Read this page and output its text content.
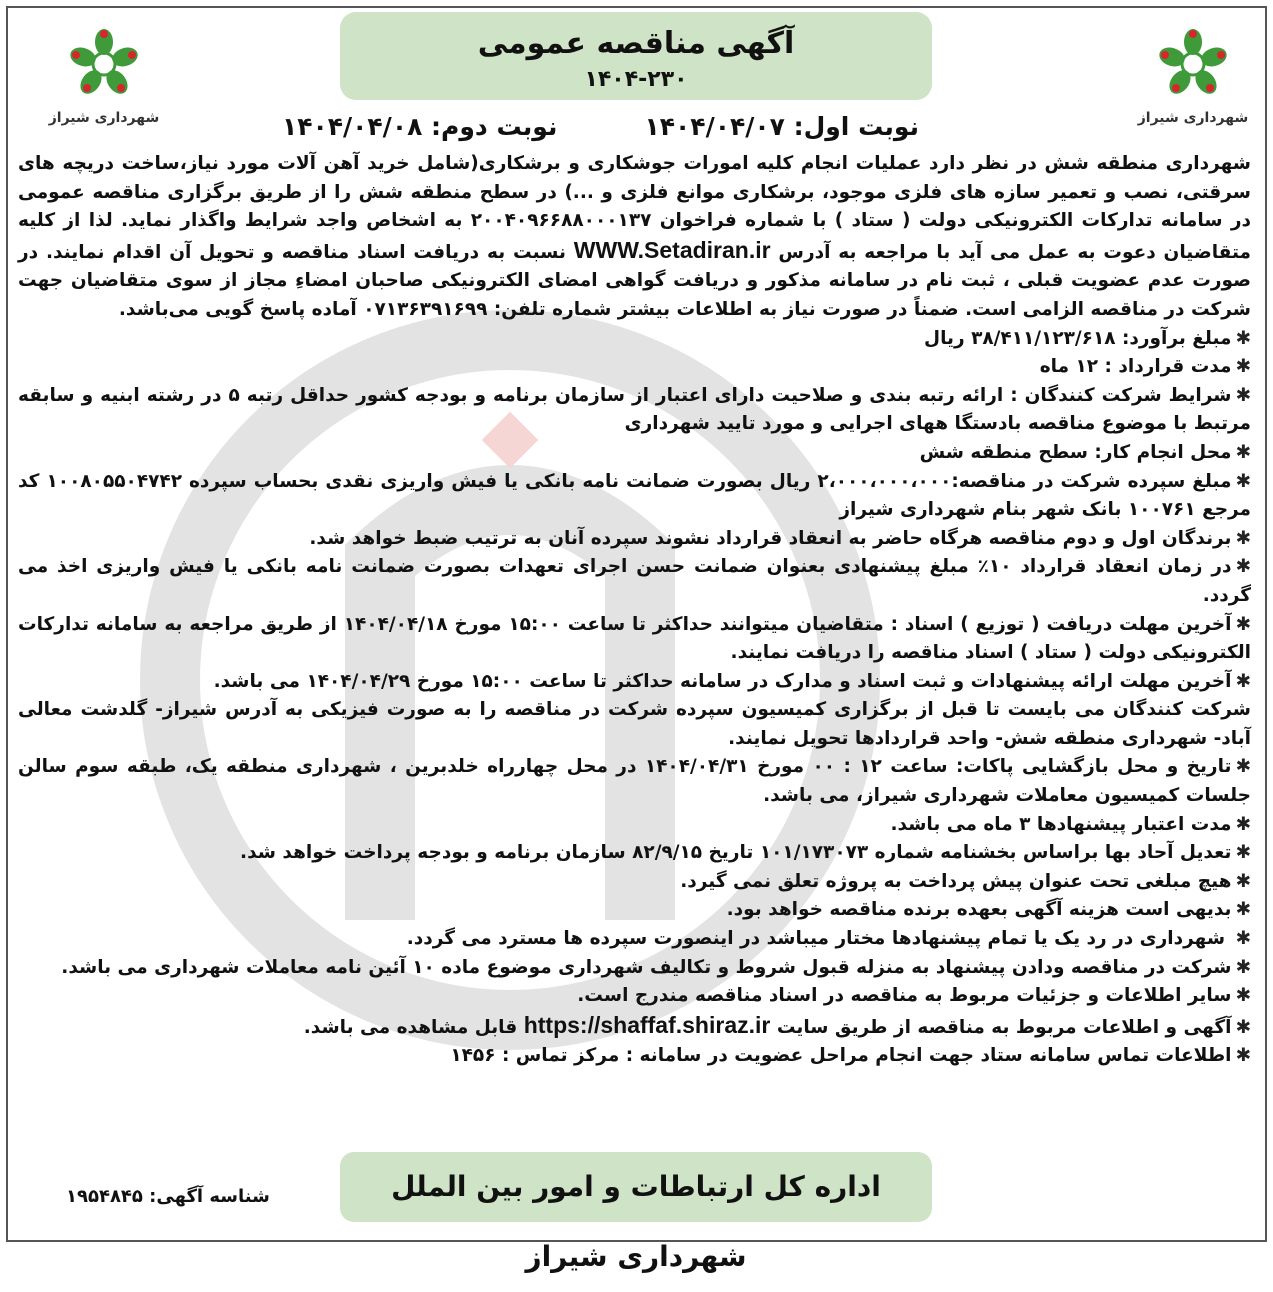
آگهی مناقصه عمومی
۱۴۰۴-۲۳۰
شهرداری شیراز
شهرداری شیراز	نوبت اول: ۱۴۰۴/۰۴/۰۷
نوبت دوم: ۱۴۰۴/۰۴/۰۸

شهرداری منطقه شش در نظر دارد عملیات انجام کلیه امورات جوشکاری و برشکاری(شامل خرید آهن آلات مورد نیاز،ساخت دریچه های سرقتی، نصب و تعمیر سازه های فلزی موجود، برشکاری موانع فلزی و ...) در سطح منطقه شش را از طریق برگزاری مناقصه عمومی در سامانه تدارکات الکترونیکی دولت ( ستاد ) با شماره فراخوان ۲۰۰۴۰۹۶۶۸۸۰۰۰۱۳۷ به اشخاص واجد شرایط واگذار نماید. لذا از کلیه متقاضیان دعوت به عمل می آید با مراجعه به آدرس WWW.Setadiran.ir نسبت به دریافت اسناد مناقصه و تحویل آن اقدام نمایند. در صورت عدم عضویت قبلی ، ثبت نام در سامانه مذکور و دریافت گواهی امضای الکترونیکی صاحبان امضاءِ مجاز از سوی متقاضیان جهت شرکت در مناقصه الزامی است. ضمناً در صورت نیاز به اطلاعات بیشتر شماره تلفن: ۰۷۱۳۶۳۹۱۶۹۹ آماده پاسخ گویی می‌باشد.

✱مبلغ برآورد: ۳۸/۴۱۱/۱۲۳/۶۱۸ ریال

✱مدت قرارداد : ۱۲ ماه

✱شرایط شرکت کنندگان : ارائه رتبه بندی و صلاحیت دارای اعتبار از سازمان برنامه و بودجه کشور حداقل رتبه ۵ در رشته ابنیه و سابقه مرتبط با موضوع مناقصه بادستگا ههای اجرایی و مورد تایید شهرداری

✱محل انجام کار: سطح منطقه شش

✱مبلغ سپرده شرکت در مناقصه:۲،۰۰۰،۰۰۰،۰۰۰ ریال بصورت ضمانت نامه بانکی یا فیش واریزی نقدی بحساب سپرده ۱۰۰۸۰۵۵۰۴۷۴۲ کد مرجع ۱۰۰۷۶۱ بانک شهر بنام شهرداری شیراز

✱برندگان اول و دوم مناقصه هرگاه حاضر به انعقاد قرارداد نشوند سپرده آنان به ترتیب ضبط خواهد شد.

✱در زمان انعقاد قرارداد ۱۰٪ مبلغ پیشنهادی بعنوان ضمانت حسن اجرای تعهدات بصورت ضمانت نامه بانکی یا فیش واریزی اخذ می گردد.

✱آخرین مهلت دریافت ( توزیع ) اسناد : متقاضیان میتوانند حداکثر تا ساعت ۱۵:۰۰ مورخ ۱۴۰۴/۰۴/۱۸ از طریق مراجعه به سامانه تدارکات الکترونیکی دولت ( ستاد ) اسناد مناقصه را دریافت نمایند.

✱آخرین مهلت ارائه پیشنهادات و ثبت اسناد و مدارک در سامانه حداکثر تا ساعت ۱۵:۰۰ مورخ ۱۴۰۴/۰۴/۲۹ می باشد.

شرکت کنندگان می بایست تا قبل از برگزاری کمیسیون سپرده شرکت در مناقصه را به صورت فیزیکی به آدرس شیراز- گلدشت معالی آباد- شهرداری منطقه شش- واحد قراردادها تحویل نمایند.

✱تاریخ و محل بازگشایی پاکات: ساعت ۱۲ : ۰۰ مورخ ۱۴۰۴/۰۴/۳۱ در محل چهارراه خلدبرین ، شهرداری منطقه یک، طبقه سوم سالن جلسات کمیسیون معاملات شهرداری شیراز، می باشد.

✱مدت اعتبار پیشنهادها ۳ ماه می باشد.

✱تعدیل آحاد بها براساس بخشنامه شماره ۱۰۱/۱۷۳۰۷۳ تاریخ ۸۲/۹/۱۵ سازمان برنامه و بودجه پرداخت خواهد شد.

✱هیچ مبلغی تحت عنوان پیش پرداخت به پروژه تعلق نمی گیرد.

✱بدیهی است هزینه آگهی بعهده برنده مناقصه خواهد بود.

✱ شهرداری در رد یک یا تمام پیشنهادها مختار میباشد در اینصورت سپرده ها مسترد می گردد.

✱شرکت در مناقصه ودادن پیشنهاد به منزله قبول شروط و تکالیف شهرداری موضوع ماده ۱۰ آئین نامه معاملات شهرداری می باشد.

✱سایر اطلاعات و جزئیات مربوط به مناقصه در اسناد مناقصه مندرج است.

✱آگهی و اطلاعات مربوط به مناقصه از طریق سایت https://shaffaf.shiraz.ir قابل مشاهده می باشد.

✱اطلاعات تماس سامانه ستاد جهت انجام مراحل عضویت در سامانه : مرکز تماس : ۱۴۵۶

اداره کل ارتباطات و امور بین الملل شهرداری شیراز
شناسه آگهی: ۱۹۵۴۸۴۵
